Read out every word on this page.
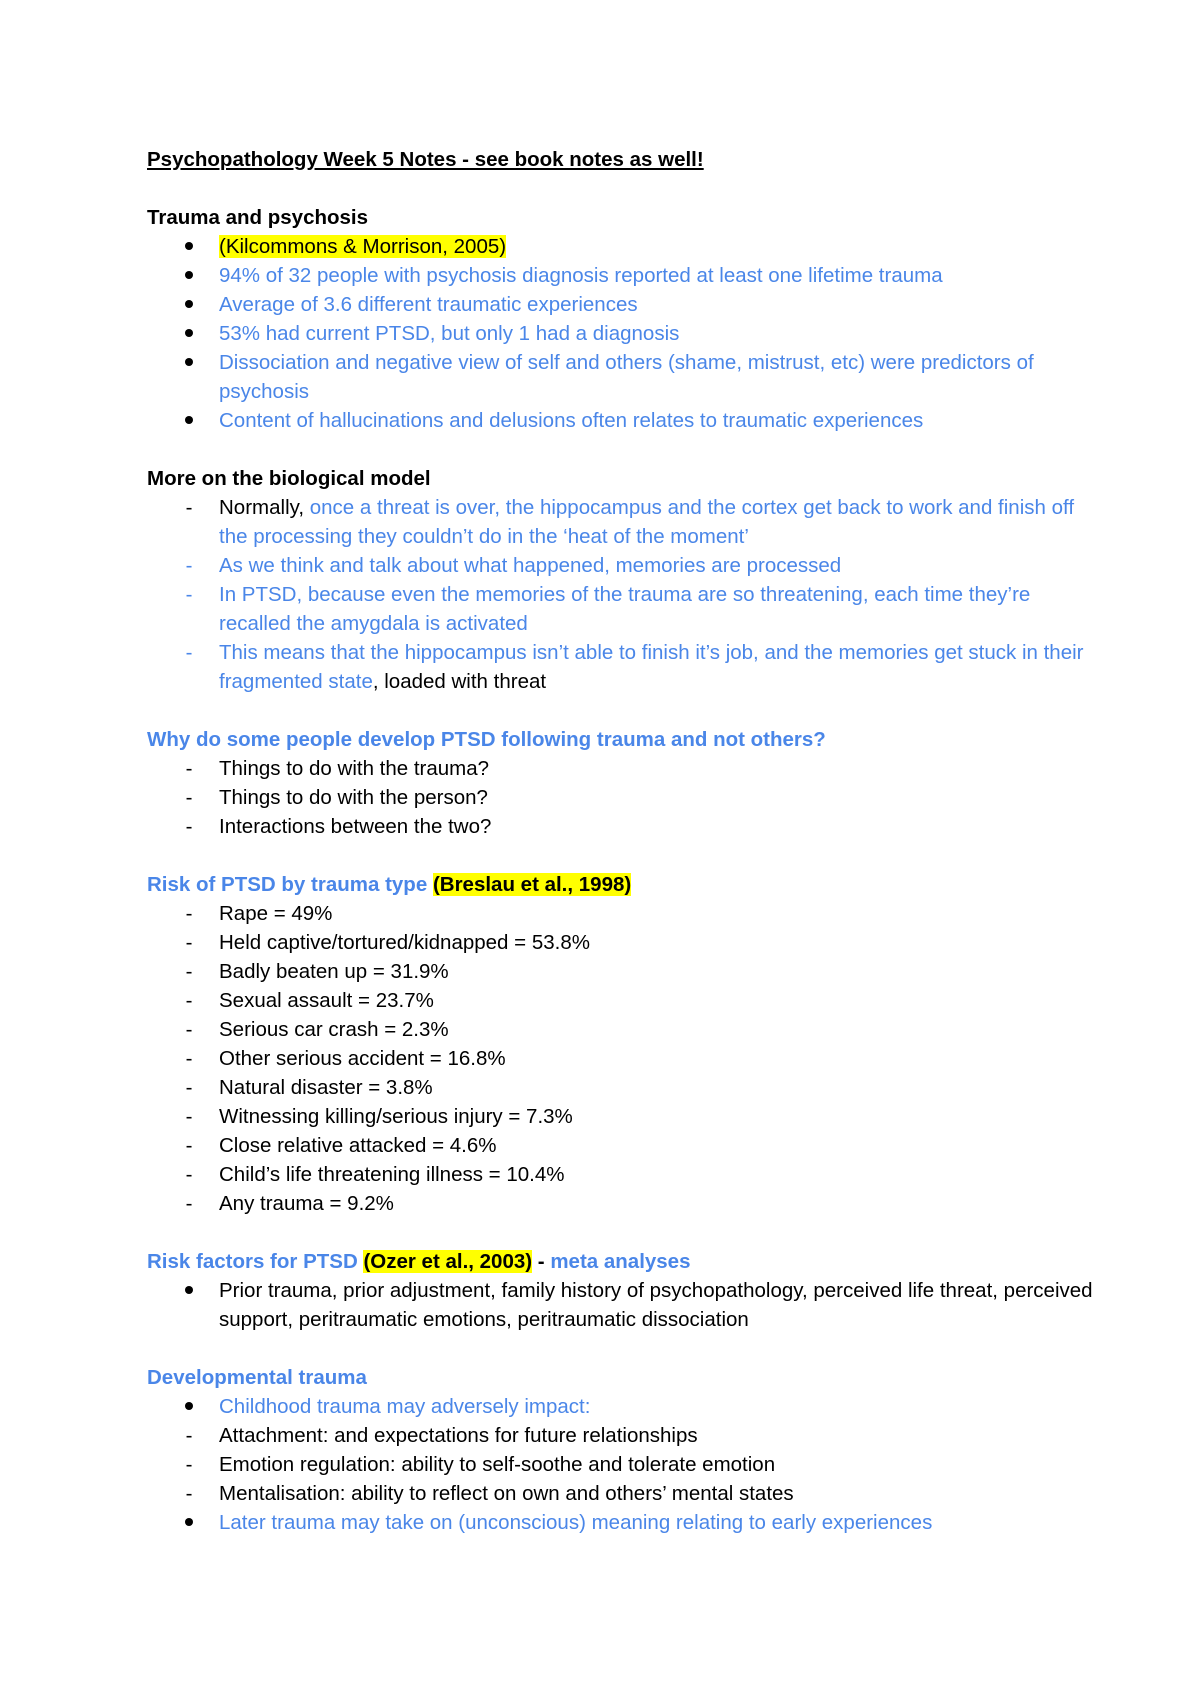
Psychopathology Week 5 Notes - see book notes as well!

Trauma and psychosis

(Kilcommons & Morrison, 2005)
94% of 32 people with psychosis diagnosis reported at least one lifetime trauma
Average of 3.6 different traumatic experiences
53% had current PTSD, but only 1 had a diagnosis
Dissociation and negative view of self and others (shame, mistrust, etc) were predictors of psychosis
Content of hallucinations and delusions often relates to traumatic experiences

More on the biological model

- Normally, once a threat is over, the hippocampus and the cortex get back to work and finish off the processing they couldn’t do in the ‘heat of the moment’
- As we think and talk about what happened, memories are processed
- In PTSD, because even the memories of the trauma are so threatening, each time they’re recalled the amygdala is activated
- This means that the hippocampus isn’t able to finish it’s job, and the memories get stuck in their fragmented state, loaded with threat

Why do some people develop PTSD following trauma and not others?

- Things to do with the trauma?
- Things to do with the person?
- Interactions between the two?

Risk of PTSD by trauma type (Breslau et al., 1998)

- Rape = 49%
- Held captive/tortured/kidnapped = 53.8%
- Badly beaten up = 31.9%
- Sexual assault = 23.7%
- Serious car crash = 2.3%
- Other serious accident = 16.8%
- Natural disaster = 3.8%
- Witnessing killing/serious injury = 7.3%
- Close relative attacked = 4.6%
- Child’s life threatening illness = 10.4%
- Any trauma = 9.2%

Risk factors for PTSD (Ozer et al., 2003) - meta analyses

Prior trauma, prior adjustment, family history of psychopathology, perceived life threat, perceived support, peritraumatic emotions, peritraumatic dissociation

Developmental trauma

Childhood trauma may adversely impact:
- Attachment: and expectations for future relationships
- Emotion regulation: ability to self-soothe and tolerate emotion
- Mentalisation: ability to reflect on own and others’ mental states
Later trauma may take on (unconscious) meaning relating to early experiences
